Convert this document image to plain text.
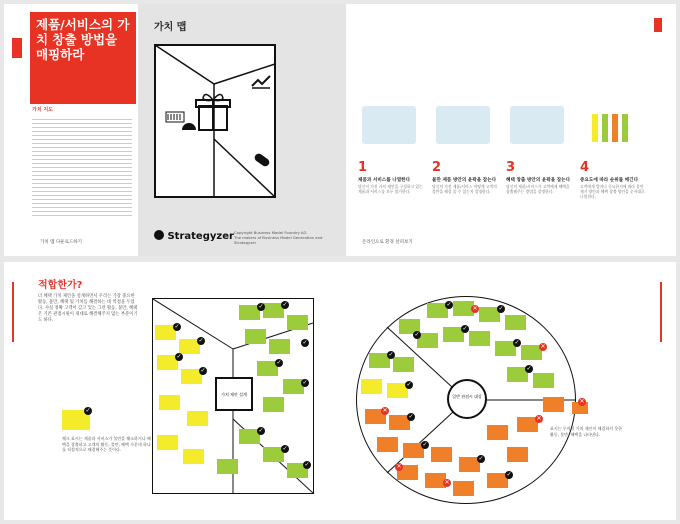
제품/서비스의 가치 창출 방법을 매핑하라
가치 지도
가치 맵 다운로드하기
가치 맵
Strategyzer Copyright Business Model Foundry AG
The makers of Business Model Generation and Strategyzer
1
제품과 서비스를 나열한다
당신이 가진 가치 제안을 구성하고 있는 제품과 서비스를 모두 열거한다.
2
불만 제품 방안의 윤곽을 잡는다
당신의 가진 제품/서비스 어떻게 고객의 불만을 해결 줄 수 있는지 설명한다.
3
혜택 창출 방안의 윤곽을 잡는다
당신의 제품/서비스가 고객에게 혜택을 창출해주는 방법을 설명한다.
4
중요도에 따라 순위를 매긴다
고객에게 얼마나 중요한지에 따라 불만 제거 방안과 혜택 창출 방안을 순서대로 나열한다.
온라인으로 환경 살펴보기
적합한가?
더 혜택 가치 제안을 설계하면서 우리는 가장 중요한 활동, 불만, 혜택 및 가치를 해결하는 데 역점을 두었다. 사실 정확 고객이 갖고 있는 그런 활동, 불만, 혜택은 기존 관점시필이 제대로 해결해주지 않는 부분이기도 하다.
✓
체크 표시는 제품과 서비스가 불만을 해소하거나 혜택을 창출하고 고객의 활동, 불만, 혜택 가운데 하나를 직접적으로 해결해주는 뜻이다.
가치 제안 설계
✓
✓
✓
✓
✓	✓
✓
✓
✓
✓
✓
✓
일반 관점시 대상
✓
✓
✓
✓
✓
✓
✓
✓
✓
✓
✓
✓
✕
✕
✕
✕
✕
✕
✕
표시는 무의미 가치 제안이 해결하지 못한 활동, 불만, 혜택을 나타낸다.
